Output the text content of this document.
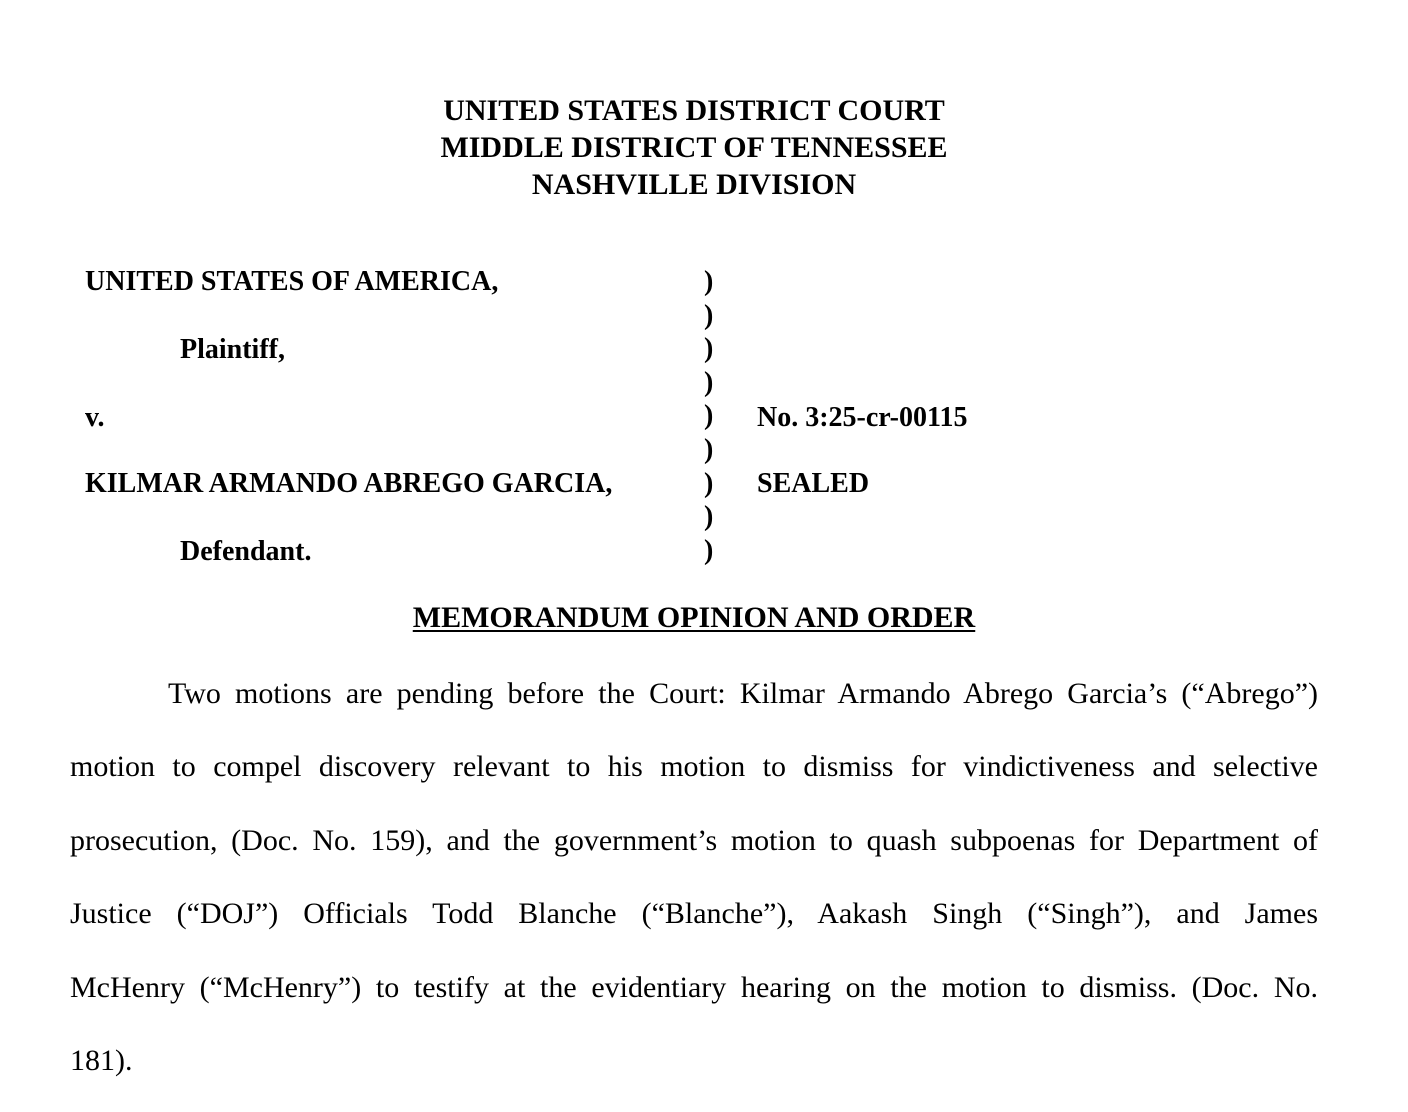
UNITED STATES DISTRICT COURT
MIDDLE DISTRICT OF TENNESSEE
NASHVILLE DIVISION
UNITED STATES OF AMERICA,
Plaintiff,
v.
KILMAR ARMANDO ABREGO GARCIA,
Defendant.
)
)
)
)
)
)
)
)
)
No. 3:25-cr-00115
SEALED
MEMORANDUM OPINION AND ORDER
Two motions are pending before the Court: Kilmar Armando Abrego Garcia’s (“Abrego”)
motion to compel discovery relevant to his motion to dismiss for vindictiveness and selective
prosecution, (Doc. No. 159), and the government’s motion to quash subpoenas for Department of
Justice (“DOJ”) Officials Todd Blanche (“Blanche”), Aakash Singh (“Singh”), and James
McHenry (“McHenry”) to testify at the evidentiary hearing on the motion to dismiss. (Doc. No.
181).
